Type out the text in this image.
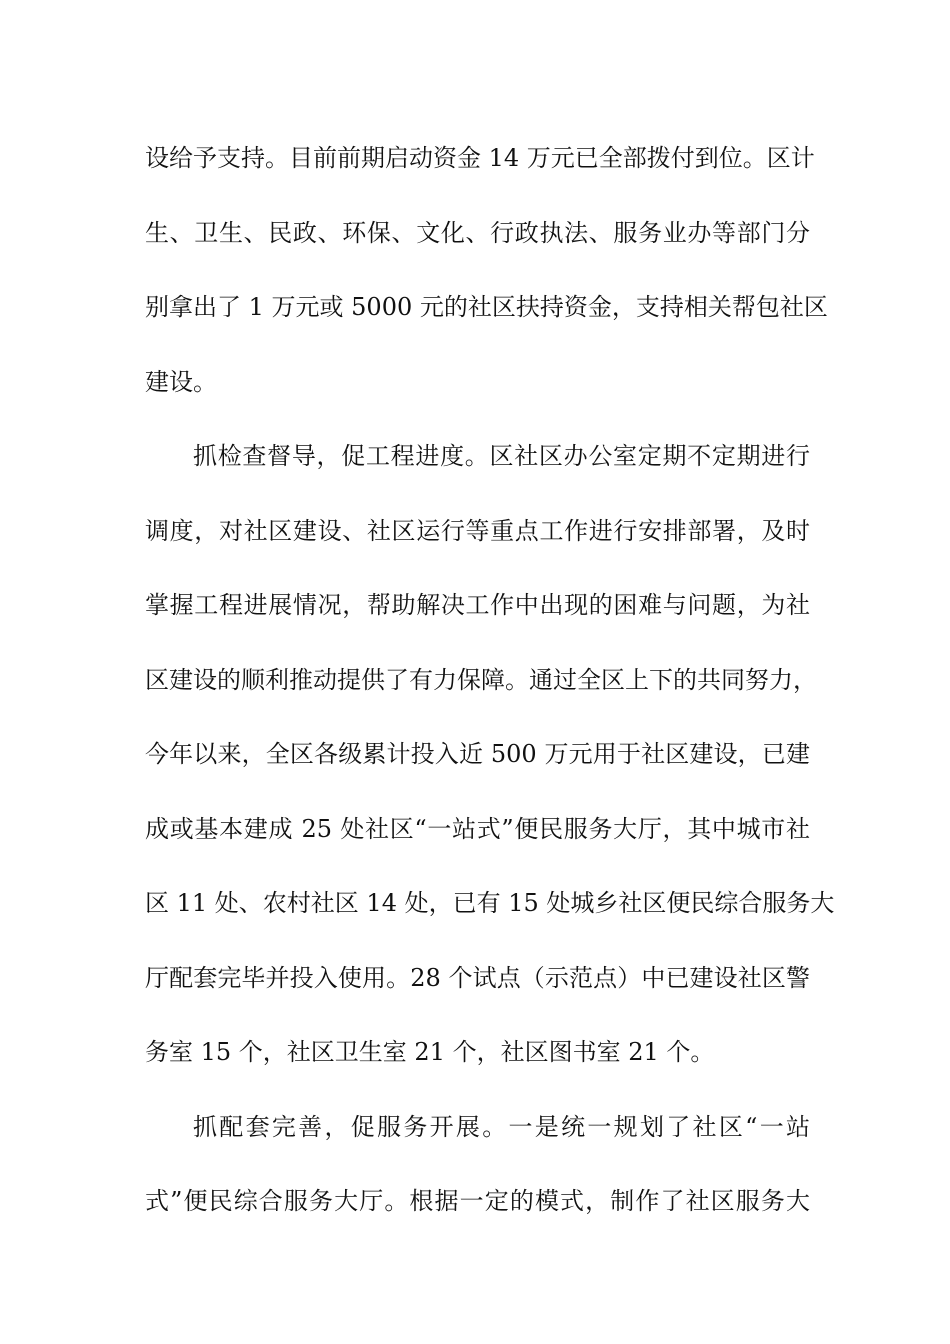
设给予支持。目前前期启动资金 14 万元已全部拨付到位。区计
生、卫生、民政、环保、文化、行政执法、服务业办等部门分
别拿出了 1 万元或 5000 元的社区扶持资金，支持相关帮包社区
建设。
抓检查督导，促工程进度。区社区办公室定期不定期进行
调度，对社区建设、社区运行等重点工作进行安排部署，及时
掌握工程进展情况，帮助解决工作中出现的困难与问题，为社
区建设的顺利推动提供了有力保障。通过全区上下的共同努力，
今年以来，全区各级累计投入近 500 万元用于社区建设，已建
成或基本建成 25 处社区“一站式”便民服务大厅，其中城市社
区 11 处、农村社区 14 处，已有 15 处城乡社区便民综合服务大
厅配套完毕并投入使用。28 个试点（示范点）中已建设社区警
务室 15 个，社区卫生室 21 个，社区图书室 21 个。
抓配套完善，促服务开展。一是统一规划了社区“一站
式”便民综合服务大厅。根据一定的模式，制作了社区服务大
